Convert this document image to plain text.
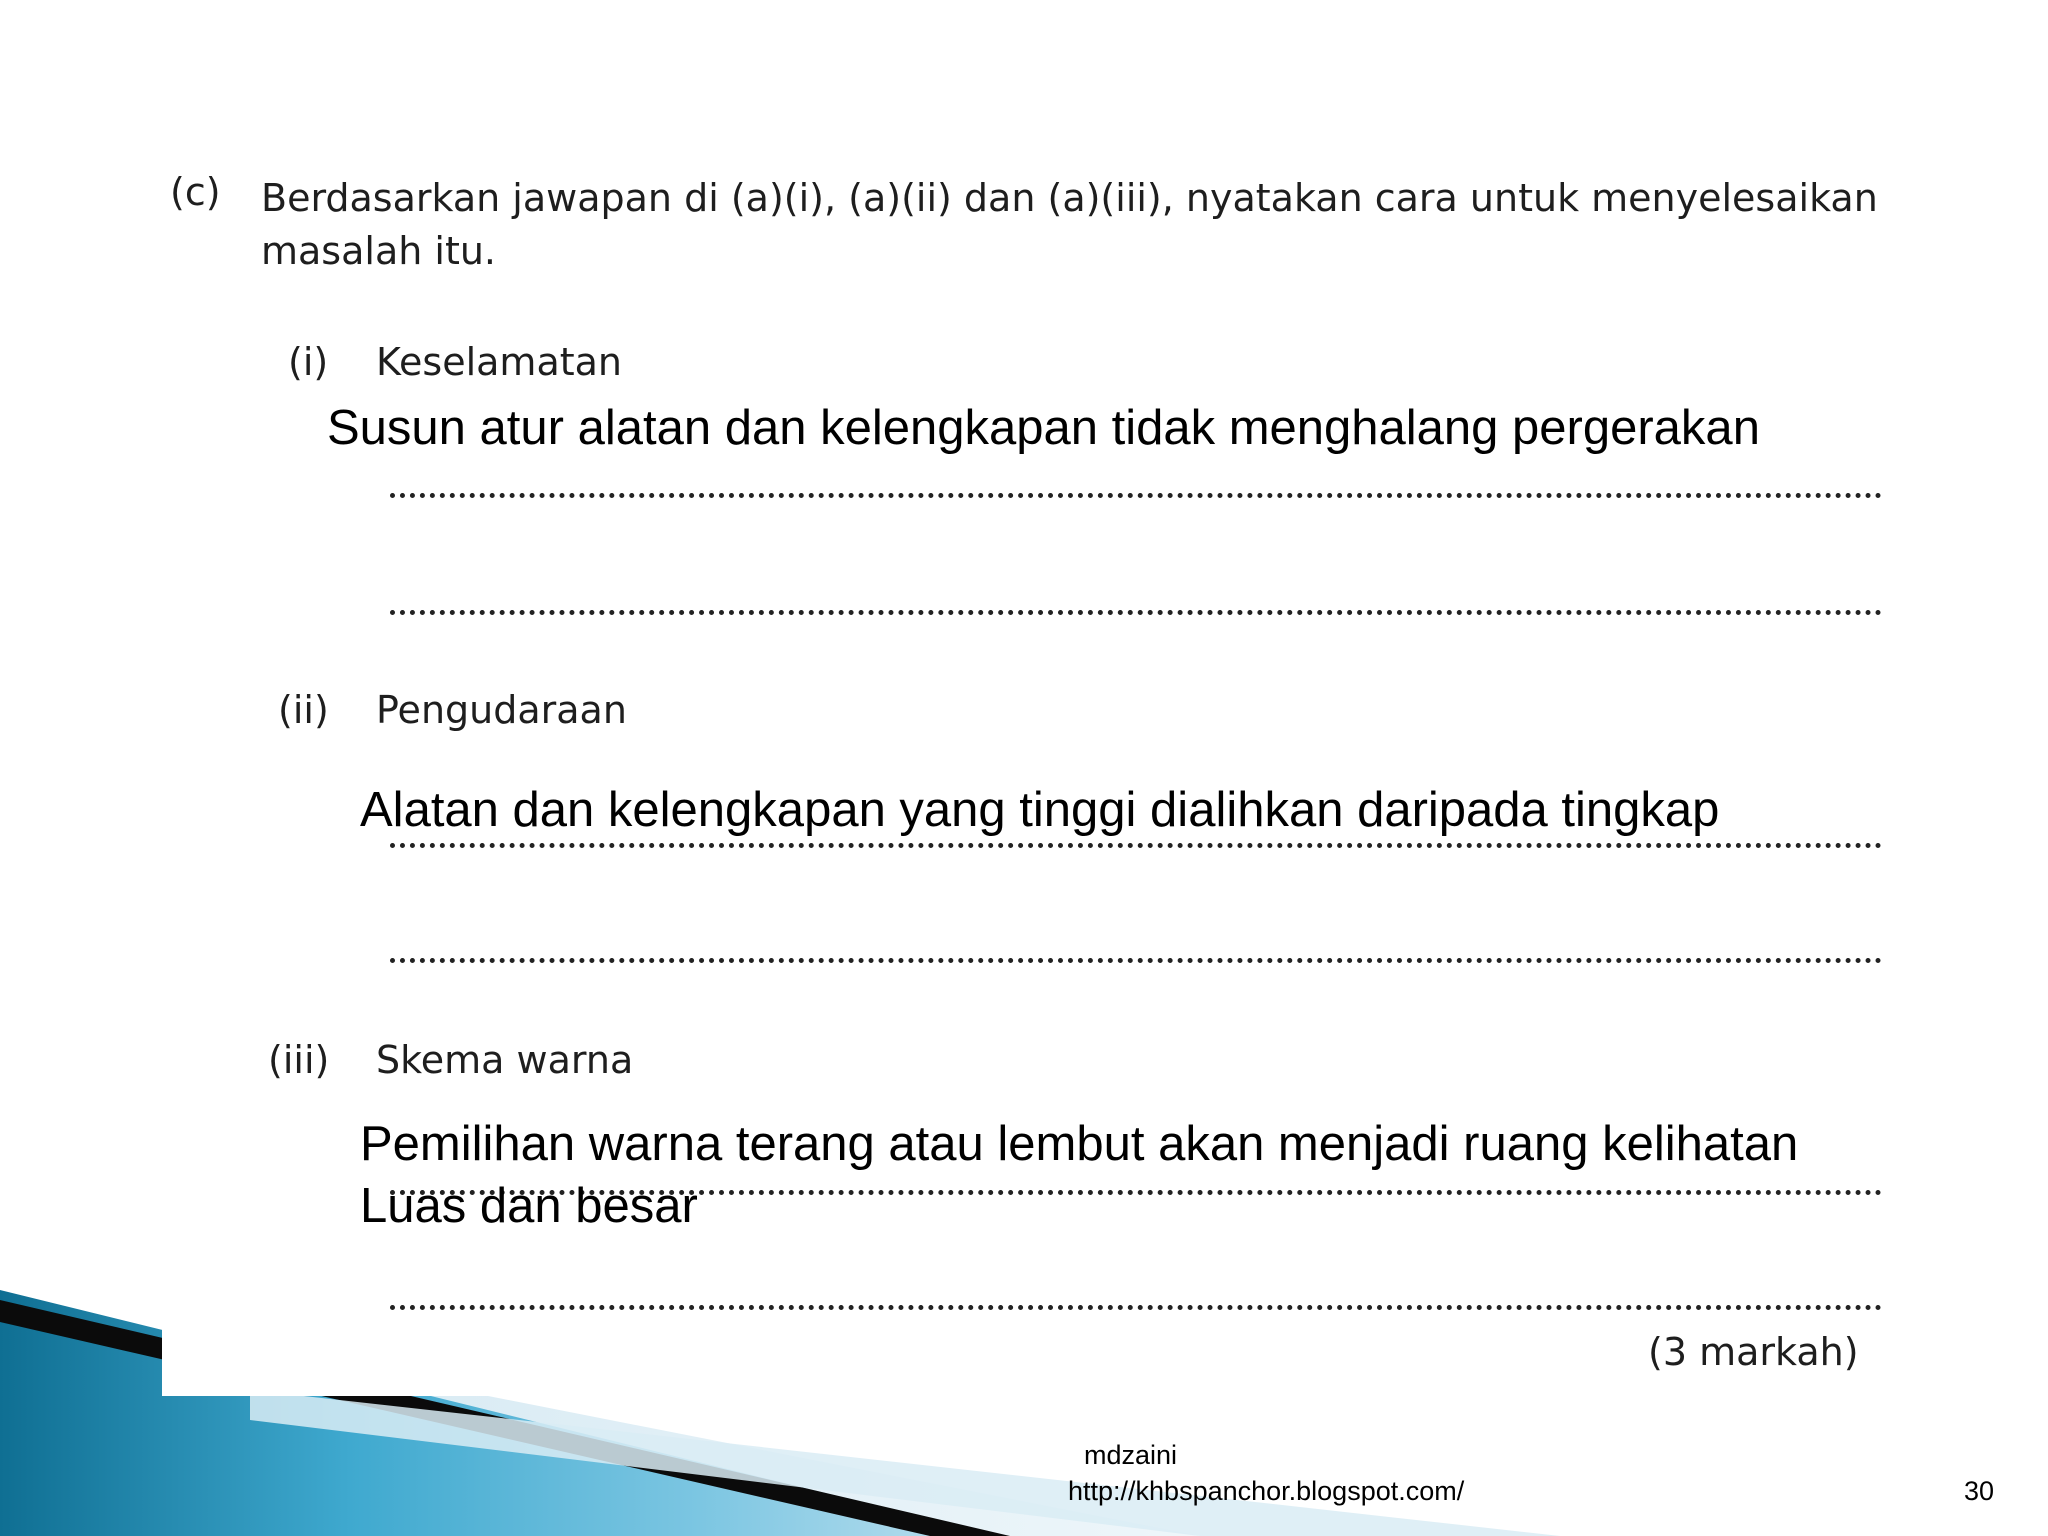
(c) Berdasarkan jawapan di (a)(i), (a)(ii) dan (a)(iii), nyatakan cara untuk menyelesaikan
masalah itu.
(i) Keselamatan
Susun atur alatan dan kelengkapan tidak menghalang pergerakan
(ii) Pengudaraan
Alatan dan kelengkapan yang tinggi dialihkan daripada tingkap
(iii) Skema warna
Pemilihan warna terang atau lembut akan menjadi ruang kelihatan
Luas dan besar
(3 markah)
mdzaini
http://khbspanchor.blogspot.com/	30
